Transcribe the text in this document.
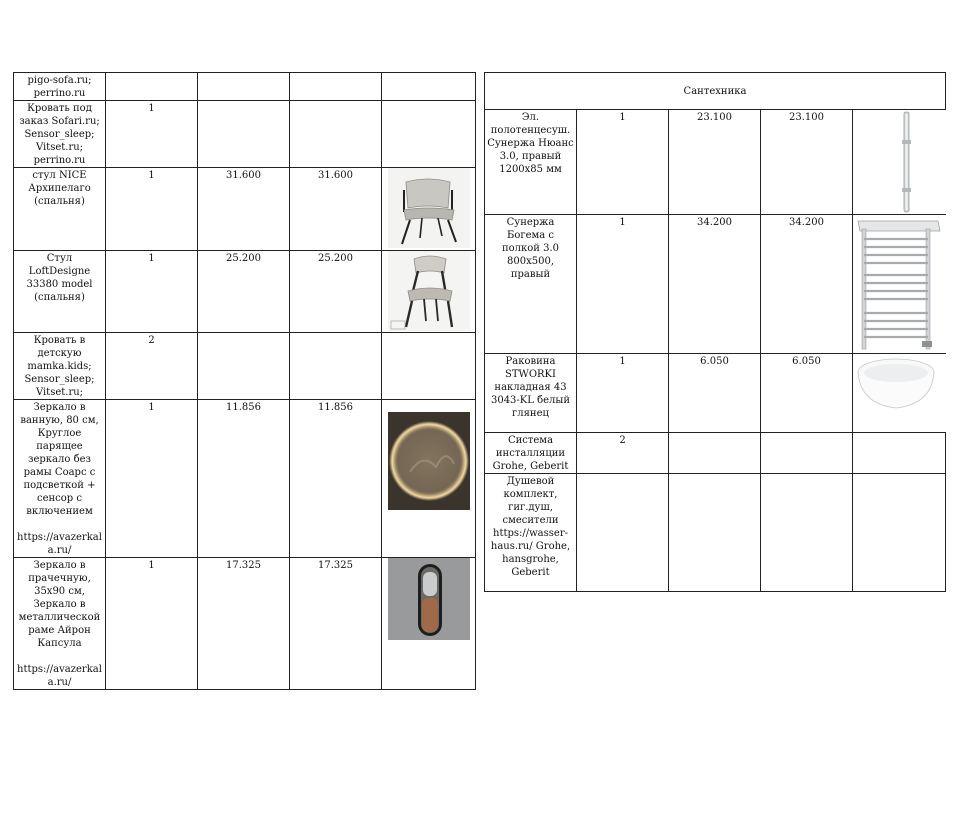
pigo-sofa.ru; perrino.ru				
Кровать под заказ Sofari.ru; Sensor_sleep; Vitset.ru; perrino.ru	1			
стул NICE Архипелаго (спальня)	1	31.600	31.600	

Стул LoftDesigne 33380 model (спальня)	1	25.200	25.200	

Кровать в детскую mamka.kids; Sensor_sleep; Vitset.ru;	2			
Зеркало в ванную, 80 см, Круглое парящее зеркало без рамы Соарс с подсветкой + сенсор с включением

https://avazerkala.ru/	1	11.856	11.856	

Зеркало в прачечную, 35х90 см, Зеркало в металлической раме Айрон Капсула

https://avazerkala.ru/	1	17.325	17.325	
Сантехника				
Эл. полотенцесуш. Сунержа Нюанс 3.0, правый 1200x85 мм	1	23.100	23.100	

Сунержа Богема с полкой 3.0 800x500, правый	1	34.200	34.200	

Раковина STWORKI накладная 43 3043-KL белый глянец	1	6.050	6.050	

Система инсталляции Grohe, Geberit	2			
Душевой комплект, гиг.душ, смесители https://wasser-haus.ru/ Grohe, hansgrohe, Geberit				
